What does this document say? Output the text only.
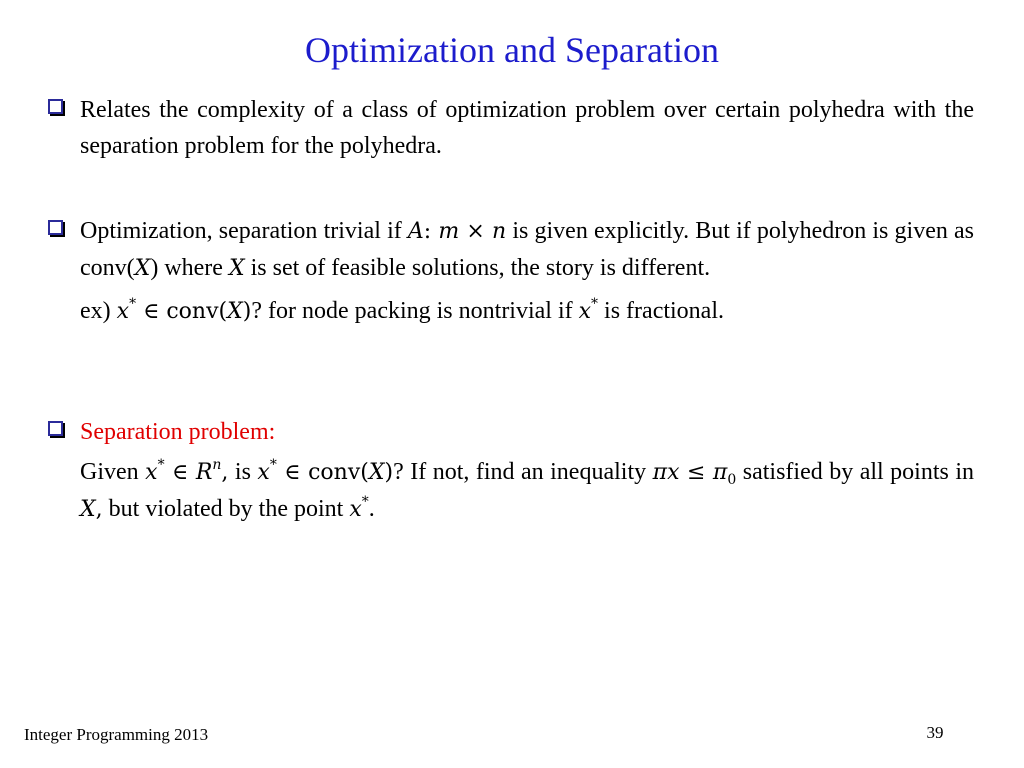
Optimization and Separation
Relates the complexity of a class of optimization problem over certain polyhedra with the separation problem for the polyhedra.
Optimization, separation trivial if A: m × n is given explicitly. But if polyhedron is given as conv(X) where X is set of feasible solutions, the story is different.
ex) x* ∈ conv(X)? for node packing is nontrivial if x* is fractional.
Separation problem:
Given x* ∈ $R^n$, is x* ∈ conv(X)? If not, find an inequality $\pi x \le \pi_0$ satisfied by all points in X, but violated by the point x*.
Integer Programming 2013	39
